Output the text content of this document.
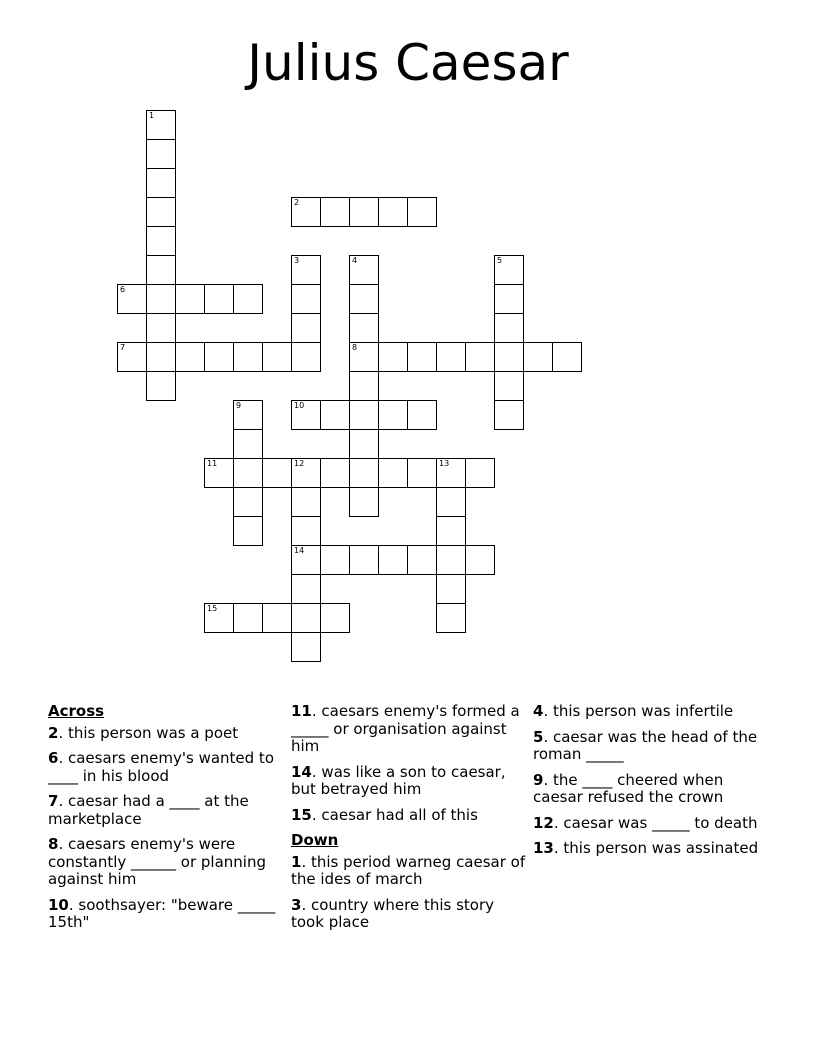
Julius Caesar
1
2
3	4
8
5
6
7
9	10
11	12	13
14
15
Across
2. this person was a poet
6. caesars enemy's wanted to ____ in his blood
7. caesar had a ____ at the marketplace
8. caesars enemy's were constantly ______ or planning against him
10. soothsayer: "beware _____ 15th"
11. caesars enemy's formed a _____ or organisation against him
14. was like a son to caesar, but betrayed him
15. caesar had all of this
Down
1. this period warneg caesar of the ides of march
3. country where this story took place
4. this person was infertile
5. caesar was the head of the roman _____
9. the ____ cheered when caesar refused the crown
12. caesar was _____ to death
13. this person was assinated
